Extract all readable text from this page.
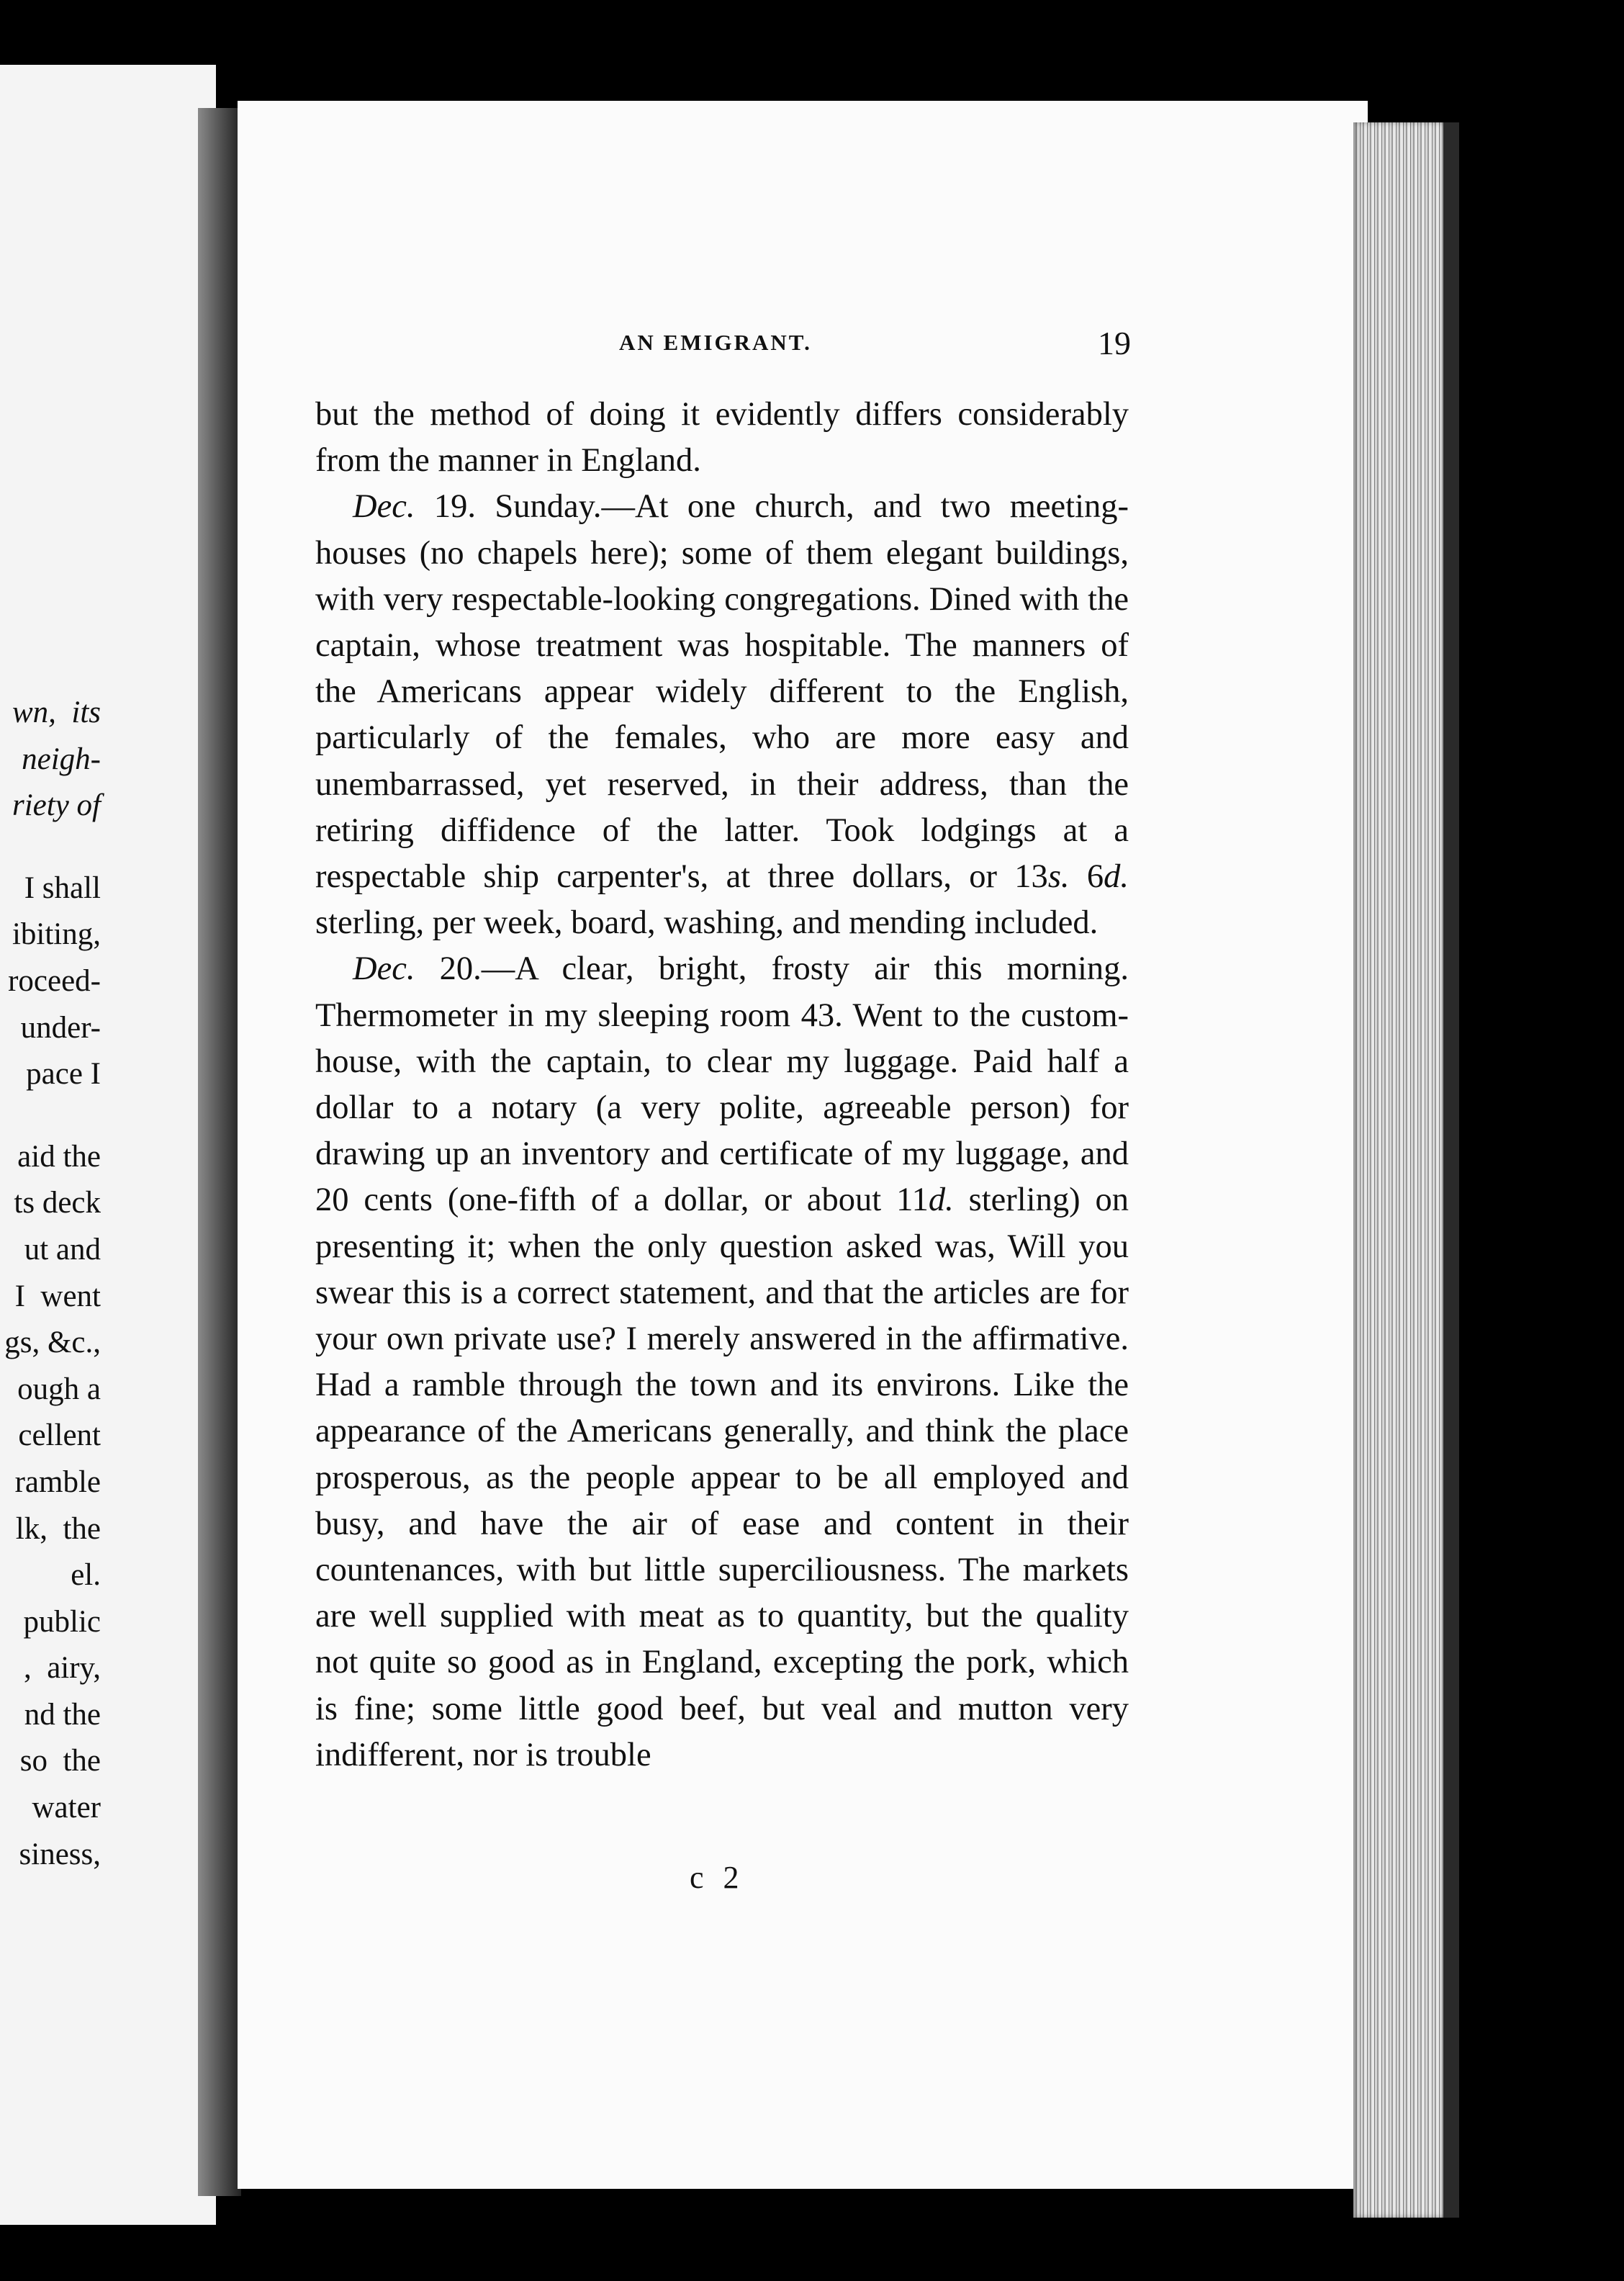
wn,  its
neigh-
riety of
I shall
ibiting,
roceed-
under-
pace I
aid the
ts deck
ut and
I  went
gs, &c.,
ough a
cellent
ramble
lk,  the
el.
public
,  airy,
nd the
so  the
water
siness,
AN EMIGRANT.	19

but the method of doing it evidently differs considerably from the manner in England.

Dec. 19. Sunday.—At one church, and two meeting-houses (no chapels here); some of them elegant buildings, with very respectable-looking congregations. Dined with the captain, whose treatment was hospitable. The manners of the Americans appear widely different to the English, particularly of the females, who are more easy and unembarrassed, yet reserved, in their address, than the retiring diffidence of the latter. Took lodgings at a respectable ship carpenter's, at three dollars, or 13s. 6d. sterling, per week, board, washing, and mending included.

Dec. 20.—A clear, bright, frosty air this morning. Thermometer in my sleeping room 43. Went to the custom-house, with the captain, to clear my luggage. Paid half a dollar to a notary (a very polite, agreeable person) for drawing up an inventory and certificate of my luggage, and 20 cents (one-fifth of a dollar, or about 11d. sterling) on presenting it; when the only question asked was, Will you swear this is a correct statement, and that the articles are for your own private use? I merely answered in the affirmative. Had a ramble through the town and its environs. Like the appearance of the Americans generally, and think the place prosperous, as the people appear to be all employed and busy, and have the air of ease and content in their countenances, with but little superciliousness. The markets are well supplied with meat as to quantity, but the quality not quite so good as in England, excepting the pork, which is fine; some little good beef, but veal and mutton very indifferent, nor is trouble

c 2
